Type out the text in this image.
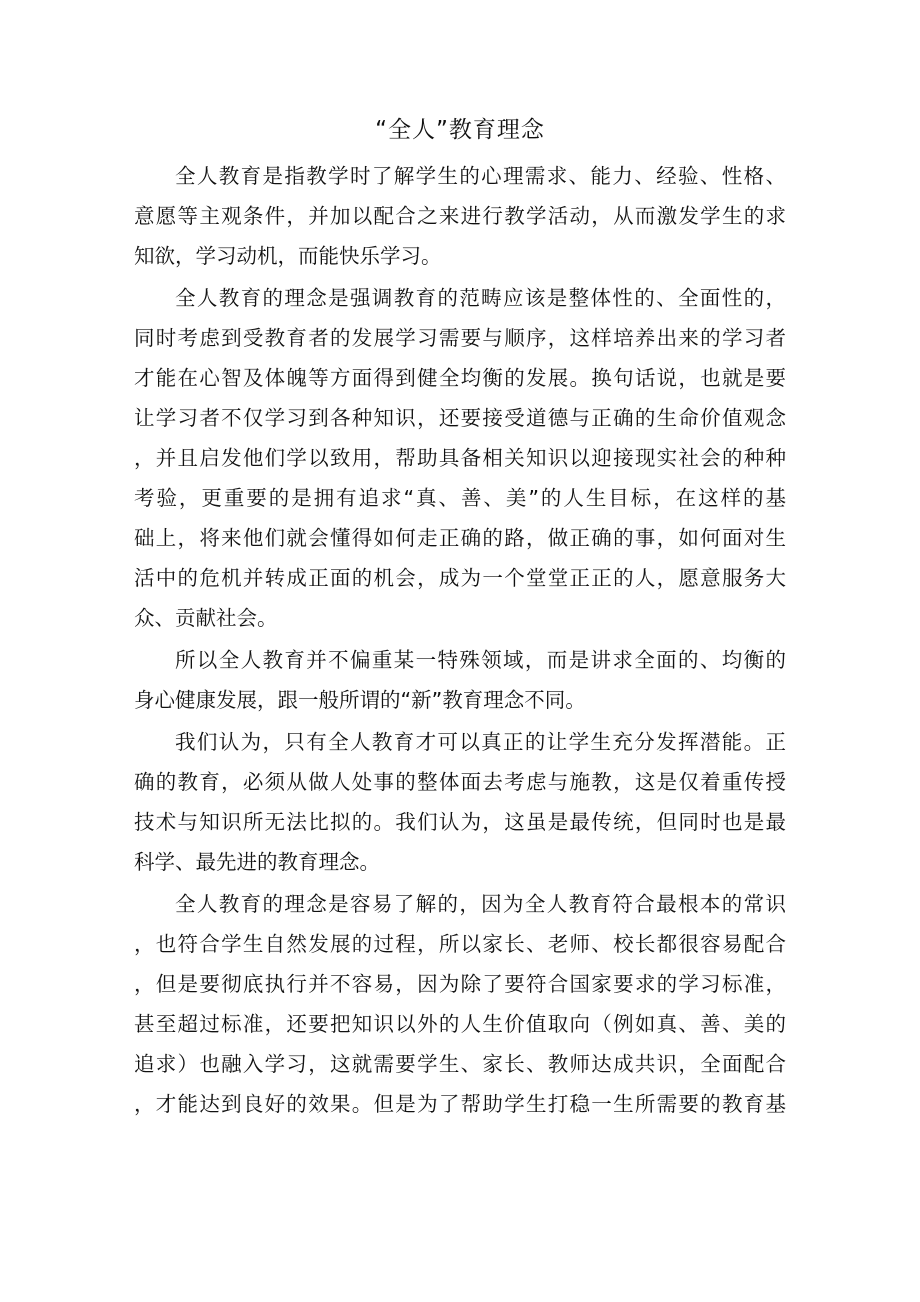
“全人”教育理念
全人教育是指教学时了解学生的心理需求、能力、经验、性格、
意愿等主观条件，并加以配合之来进行教学活动，从而激发学生的求
知欲，学习动机，而能快乐学习。
全人教育的理念是强调教育的范畴应该是整体性的、全面性的，
同时考虑到受教育者的发展学习需要与顺序，这样培养出来的学习者
才能在心智及体魄等方面得到健全均衡的发展。换句话说，也就是要
让学习者不仅学习到各种知识，还要接受道德与正确的生命价值观念
，并且启发他们学以致用，帮助具备相关知识以迎接现实社会的种种
考验，更重要的是拥有追求“真、善、美”的人生目标，在这样的基
础上，将来他们就会懂得如何走正确的路，做正确的事，如何面对生
活中的危机并转成正面的机会，成为一个堂堂正正的人，愿意服务大
众、贡献社会。
所以全人教育并不偏重某一特殊领域，而是讲求全面的、均衡的
身心健康发展，跟一般所谓的“新”教育理念不同。
我们认为，只有全人教育才可以真正的让学生充分发挥潜能。正
确的教育，必须从做人处事的整体面去考虑与施教，这是仅着重传授
技术与知识所无法比拟的。我们认为，这虽是最传统，但同时也是最
科学、最先进的教育理念。
全人教育的理念是容易了解的，因为全人教育符合最根本的常识
，也符合学生自然发展的过程，所以家长、老师、校长都很容易配合
，但是要彻底执行并不容易，因为除了要符合国家要求的学习标准，
甚至超过标准，还要把知识以外的人生价值取向（例如真、善、美的
追求）也融入学习，这就需要学生、家长、教师达成共识，全面配合
，才能达到良好的效果。但是为了帮助学生打稳一生所需要的教育基
